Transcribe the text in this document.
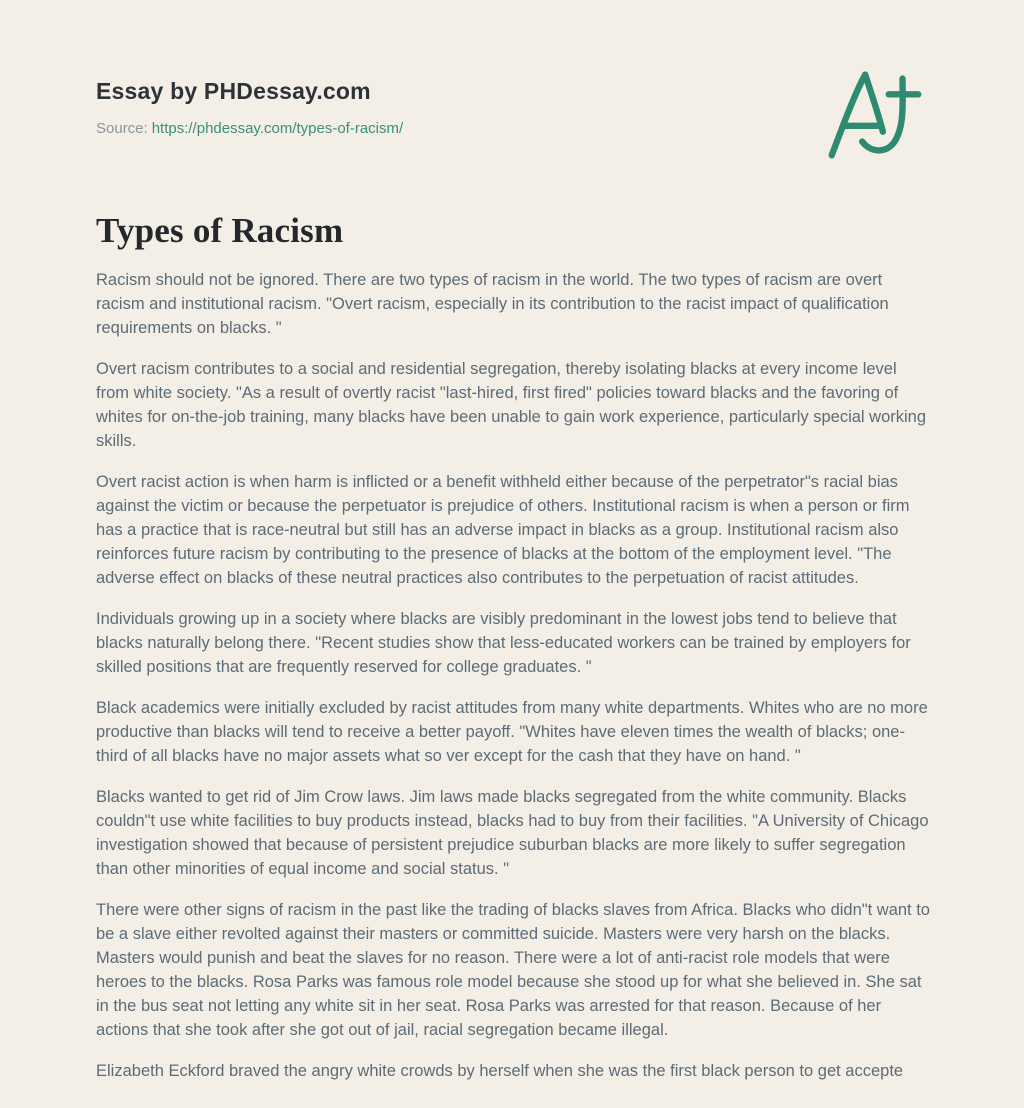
Essay by PHDessay.com
Source: https://phdessay.com/types-of-racism/
Types of Racism

Racism should not be ignored. There are two types of racism in the world. The two types of racism are overt racism and institutional racism. "Overt racism, especially in its contribution to the racist impact of qualification requirements on blacks. "

Overt racism contributes to a social and residential segregation, thereby isolating blacks at every income level from white society. "As a result of overtly racist "last-hired, first fired" policies toward blacks and the favoring of whites for on-the-job training, many blacks have been unable to gain work experience, particularly special working skills.

Overt racist action is when harm is inflicted or a benefit withheld either because of the perpetrator"s racial bias against the victim or because the perpetuator is prejudice of others. Institutional racism is when a person or firm has a practice that is race-neutral but still has an adverse impact in blacks as a group. Institutional racism also reinforces future racism by contributing to the presence of blacks at the bottom of the employment level. "The adverse effect on blacks of these neutral practices also contributes to the perpetuation of racist attitudes.

Individuals growing up in a society where blacks are visibly predominant in the lowest jobs tend to believe that blacks naturally belong there. "Recent studies show that less-educated workers can be trained by employers for skilled positions that are frequently reserved for college graduates. "

Black academics were initially excluded by racist attitudes from many white departments. Whites who are no more productive than blacks will tend to receive a better payoff. "Whites have eleven times the wealth of blacks; one-third of all blacks have no major assets what so ver except for the cash that they have on hand. "

Blacks wanted to get rid of Jim Crow laws. Jim laws made blacks segregated from the white community. Blacks couldn"t use white facilities to buy products instead, blacks had to buy from their facilities. "A University of Chicago investigation showed that because of persistent prejudice suburban blacks are more likely to suffer segregation than other minorities of equal income and social status. "

There were other signs of racism in the past like the trading of blacks slaves from Africa. Blacks who didn"t want to be a slave either revolted against their masters or committed suicide. Masters were very harsh on the blacks. Masters would punish and beat the slaves for no reason. There were a lot of anti-racist role models that were heroes to the blacks. Rosa Parks was famous role model because she stood up for what she believed in. She sat in the bus seat not letting any white sit in her seat. Rosa Parks was arrested for that reason. Because of her actions that she took after she got out of jail, racial segregation became illegal.

Elizabeth Eckford braved the angry white crowds by herself when she was the first black person to get accepte
